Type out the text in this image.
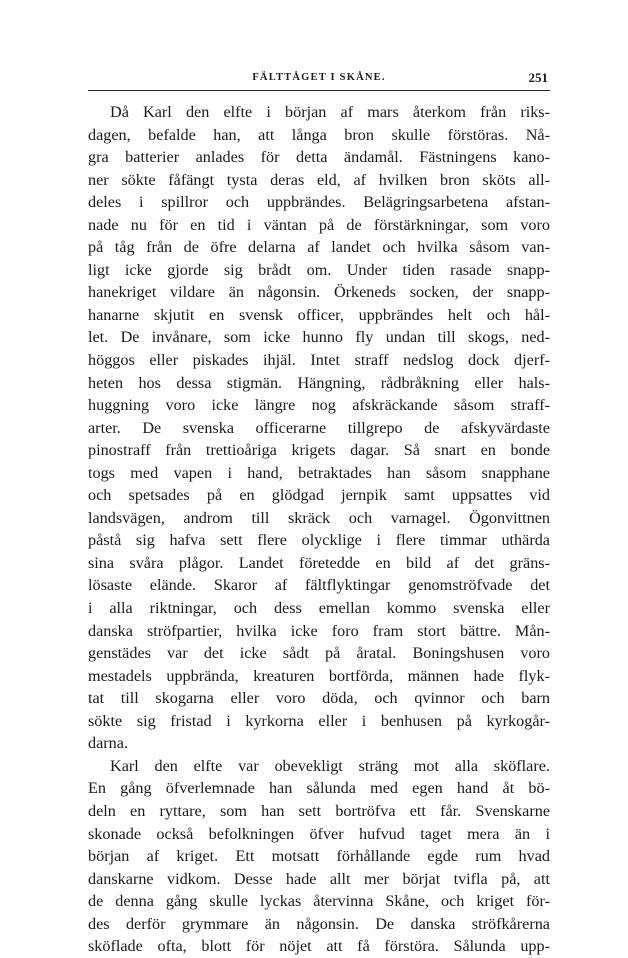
FÄLTTÅGET I SKÅNE.	251
Då Karl den elfte i början af mars återkom från riks-
dagen, befalde han, att långa bron skulle förstöras. Nå-
gra batterier anlades för detta ändamål. Fästningens kano-
ner sökte fåfängt tysta deras eld, af hvilken bron sköts all-
deles i spillror och uppbrändes. Belägringsarbetena afstan-
nade nu för en tid i väntan på de förstärkningar, som voro
på tåg från de öfre delarna af landet och hvilka såsom van-
ligt icke gjorde sig brådt om. Under tiden rasade snapp-
hanekriget vildare än någonsin. Örkeneds socken, der snapp-
hanarne skjutit en svensk officer, uppbrändes helt och hål-
let. De invånare, som icke hunno fly undan till skogs, ned-
höggos eller piskades ihjäl. Intet straff nedslog dock djerf-
heten hos dessa stigmän. Hängning, rådbråkning eller hals-
huggning voro icke längre nog afskräckande såsom straff-
arter. De svenska officerarne tillgrepo de afskyvärdaste
pinostraff från trettioåriga krigets dagar. Så snart en bonde
togs med vapen i hand, betraktades han såsom snapphane
och spetsades på en glödgad jernpik samt uppsattes vid
landsvägen, androm till skräck och varnagel. Ögonvittnen
påstå sig hafva sett flere olycklige i flere timmar uthärda
sina svåra plågor. Landet företedde en bild af det gräns-
lösaste elände. Skaror af fältflyktingar genomströfvade det
i alla riktningar, och dess emellan kommo svenska eller
danska ströfpartier, hvilka icke foro fram stort bättre. Mån-
genstädes var det icke sådt på åratal. Boningshusen voro
mestadels uppbrända, kreaturen bortförda, männen hade flyk-
tat till skogarna eller voro döda, och qvinnor och barn
sökte sig fristad i kyrkorna eller i benhusen på kyrkogår-
darna.
Karl den elfte var obevekligt sträng mot alla sköflare.
En gång öfverlemnade han sålunda med egen hand åt bö-
deln en ryttare, som han sett bortröfva ett får. Svenskarne
skonade också befolkningen öfver hufvud taget mera än i
början af kriget. Ett motsatt förhållande egde rum hvad
danskarne vidkom. Desse hade allt mer börjat tvifla på, att
de denna gång skulle lyckas återvinna Skåne, och kriget för-
des derför grymmare än någonsin. De danska ströfkårerna
sköflade ofta, blott för nöjet att få förstöra. Sålunda upp-
